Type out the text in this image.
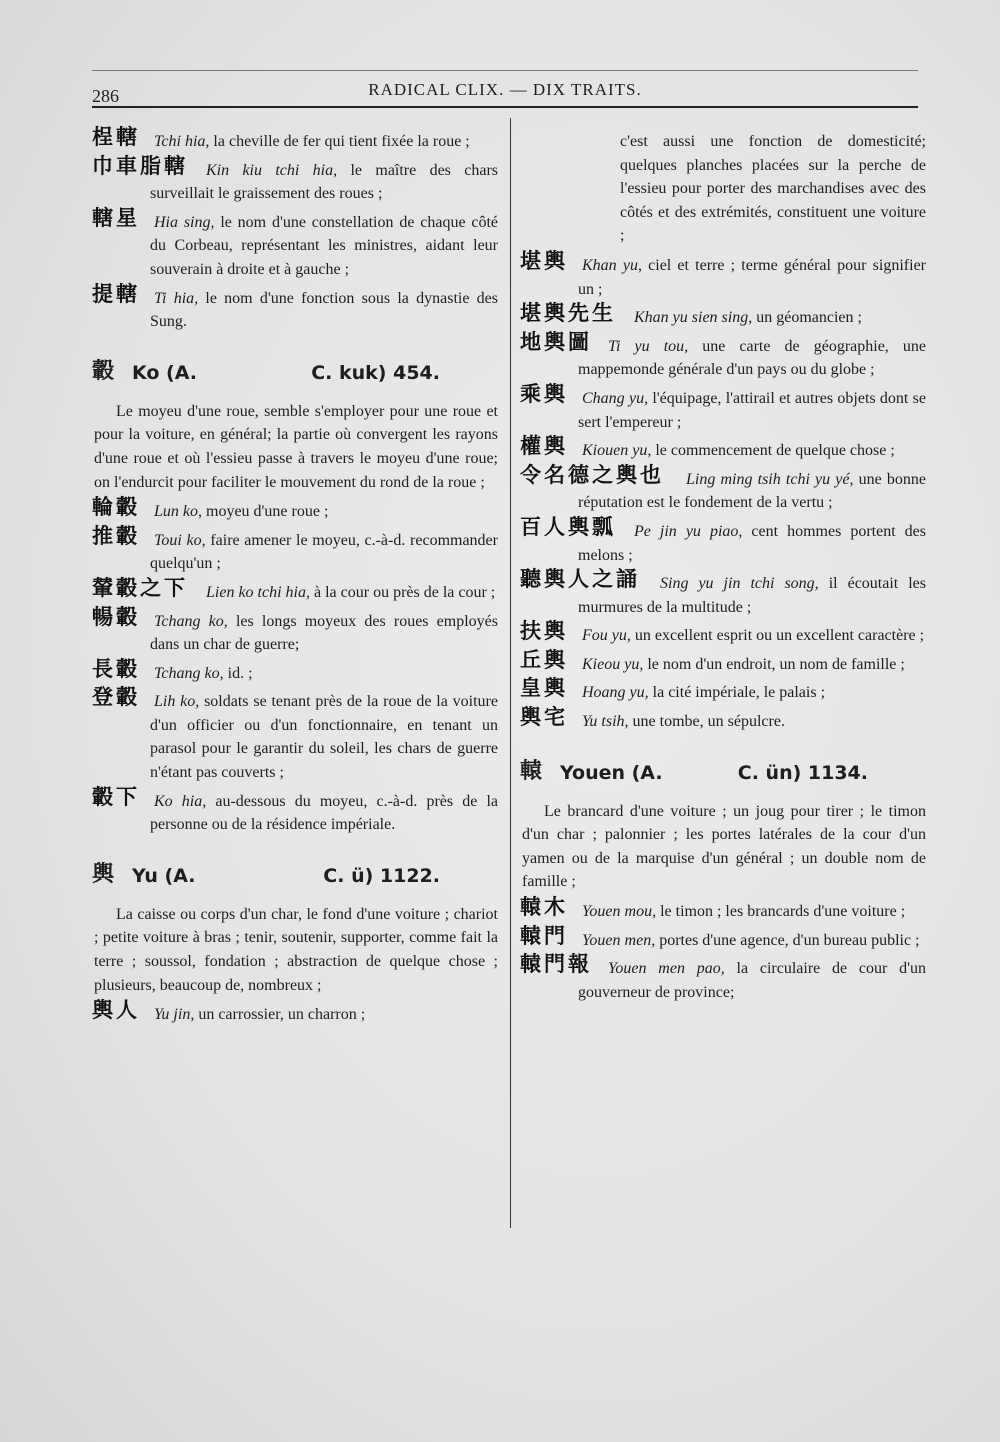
286	RADICAL CLIX. — DIX TRAITS.
桯轄 Tchi hia, la cheville de fer qui tient fixée la roue ;
巾車脂轄	Kin kiu tchi hia, le maître des chars surveillait le graissement des roues ;
轄星 Hia sing, le nom d'une constellation de chaque côté du Corbeau, représentant les ministres, aidant leur souverain à droite et à gauche ;
提轄 Ti hia, le nom d'une fonction sous la dynastie des Sung.
轂 Ko (A.	C. kuk) 454.
Le moyeu d'une roue, semble s'employer pour une roue et pour la voiture, en général; la partie où convergent les rayons d'une roue et où l'essieu passe à travers le moyeu d'une roue; on l'endurcit pour faciliter le mouvement du rond de la roue ;
輪轂 Lun ko, moyeu d'une roue ;
推轂 Toui ko, faire amener le moyeu, c.-à-d. recommander quelqu'un ;
輦轂之下	Lien ko tchi hia, à la cour ou près de la cour ;
暢轂 Tchang ko, les longs moyeux des roues employés dans un char de guerre;
長轂 Tchang ko, id. ;
登轂 Lih ko, soldats se tenant près de la roue de la voiture d'un officier ou d'un fonctionnaire, en tenant un parasol pour le garantir du soleil, les chars de guerre n'étant pas couverts ;
轂下 Ko hia, au-dessous du moyeu, c.-à-d. près de la personne ou de la résidence impériale.
輿 Yu (A.	C. ü) 1122.
La caisse ou corps d'un char, le fond d'une voiture ; chariot ; petite voiture à bras ; tenir, soutenir, supporter, comme fait la terre ; soussol, fondation ; abstraction de quelque chose ; plusieurs, beaucoup de, nombreux ;
輿人 Yu jin, un carrossier, un charron ;
c'est aussi une fonction de domesticité; quelques planches placées sur la perche de l'essieu pour porter des marchandises avec des côtés et des extrémités, constituent une voiture ;
堪輿 Khan yu, ciel et terre ; terme général pour signifier un ;
堪輿先生	Khan yu sien sing, un géomancien ;
地輿圖	Ti yu tou, une carte de géographie, une mappemonde générale d'un pays ou du globe ;
乘輿 Chang yu, l'équipage, l'attirail et autres objets dont se sert l'empereur ;
權輿 Kiouen yu, le commencement de quelque chose ;
令名德之輿也	Ling ming tsih tchi yu yé, une bonne réputation est le fondement de la vertu ;
百人輿瓢	Pe jin yu piao, cent hommes portent des melons ;
聽輿人之誦	Sing yu jin tchi song, il écoutait les murmures de la multitude ;
扶輿 Fou yu, un excellent esprit ou un excellent caractère ;
丘輿 Kieou yu, le nom d'un endroit, un nom de famille ;
皇輿 Hoang yu, la cité impériale, le palais ;
輿宅 Yu tsih, une tombe, un sépulcre.
轅 Youen (A.	C. ün) 1134.
Le brancard d'une voiture ; un joug pour tirer ; le timon d'un char ; palonnier ; les portes latérales de la cour d'un yamen ou de la marquise d'un général ; un double nom de famille ;
轅木 Youen mou, le timon ; les brancards d'une voiture ;
轅門 Youen men, portes d'une agence, d'un bureau public ;
轅門報	Youen men pao, la circulaire de cour d'un gouverneur de province;
